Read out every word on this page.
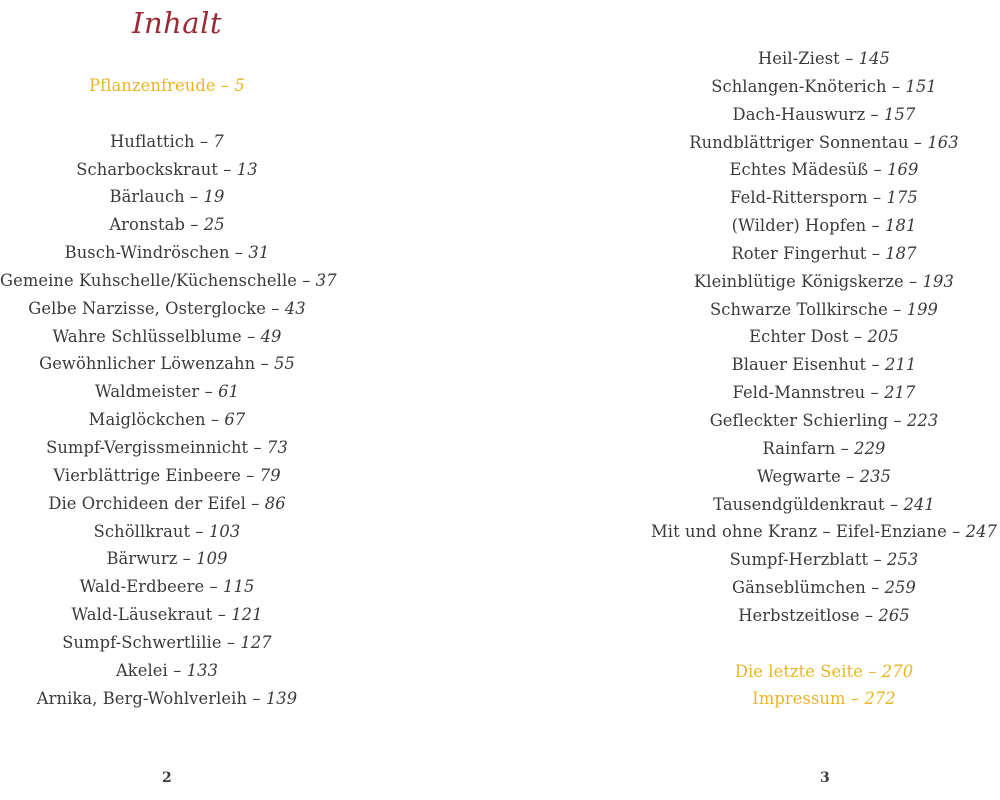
Inhalt
Pflanzenfreude – 5
Huflattich – 7
Scharbockskraut – 13
Bärlauch – 19
Aronstab – 25
Busch-Windröschen – 31
Gemeine Kuhschelle/Küchenschelle – 37
Gelbe Narzisse, Osterglocke – 43
Wahre Schlüsselblume – 49
Gewöhnlicher Löwenzahn – 55
Waldmeister – 61
Maiglöckchen – 67
Sumpf-Vergissmeinnicht – 73
Vierblättrige Einbeere – 79
Die Orchideen der Eifel – 86
Schöllkraut – 103
Bärwurz – 109
Wald-Erdbeere – 115
Wald-Läusekraut – 121
Sumpf-Schwertlilie – 127
Akelei – 133
Arnika, Berg-Wohlverleih – 139
Heil-Ziest – 145
Schlangen-Knöterich – 151
Dach-Hauswurz – 157
Rundblättriger Sonnentau – 163
Echtes Mädesüß – 169
Feld-Rittersporn – 175
(Wilder) Hopfen – 181
Roter Fingerhut – 187
Kleinblütige Königskerze – 193
Schwarze Tollkirsche – 199
Echter Dost – 205
Blauer Eisenhut – 211
Feld-Mannstreu – 217
Gefleckter Schierling – 223
Rainfarn – 229
Wegwarte – 235
Tausendgüldenkraut – 241
Mit und ohne Kranz – Eifel-Enziane – 247
Sumpf-Herzblatt – 253
Gänseblümchen – 259
Herbstzeitlose – 265
Die letzte Seite – 270
Impressum – 272
2	3
